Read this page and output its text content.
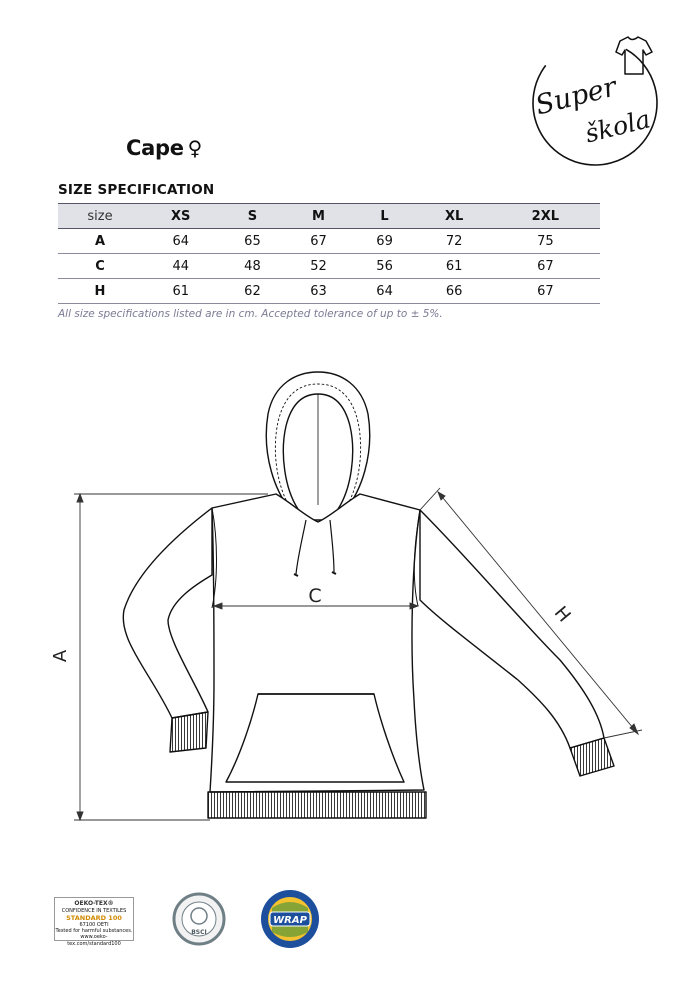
Super
škola
Cape ♀
SIZE SPECIFICATION
size	XS	S	M	L	XL	2XL
A	64	65	67	69	72	75
C	44	48	52	56	61	67
H	61	62	63	64	66	67
All size specifications listed are in cm. Accepted tolerance of up to ± 5%.
A
C
H
OEKO-TEX®
CONFIDENCE IN TEXTILES
STANDARD 100
67100 OETI
Tested for harmful substances.
www.oeko-tex.com/standard100
BSCI
WRAP
